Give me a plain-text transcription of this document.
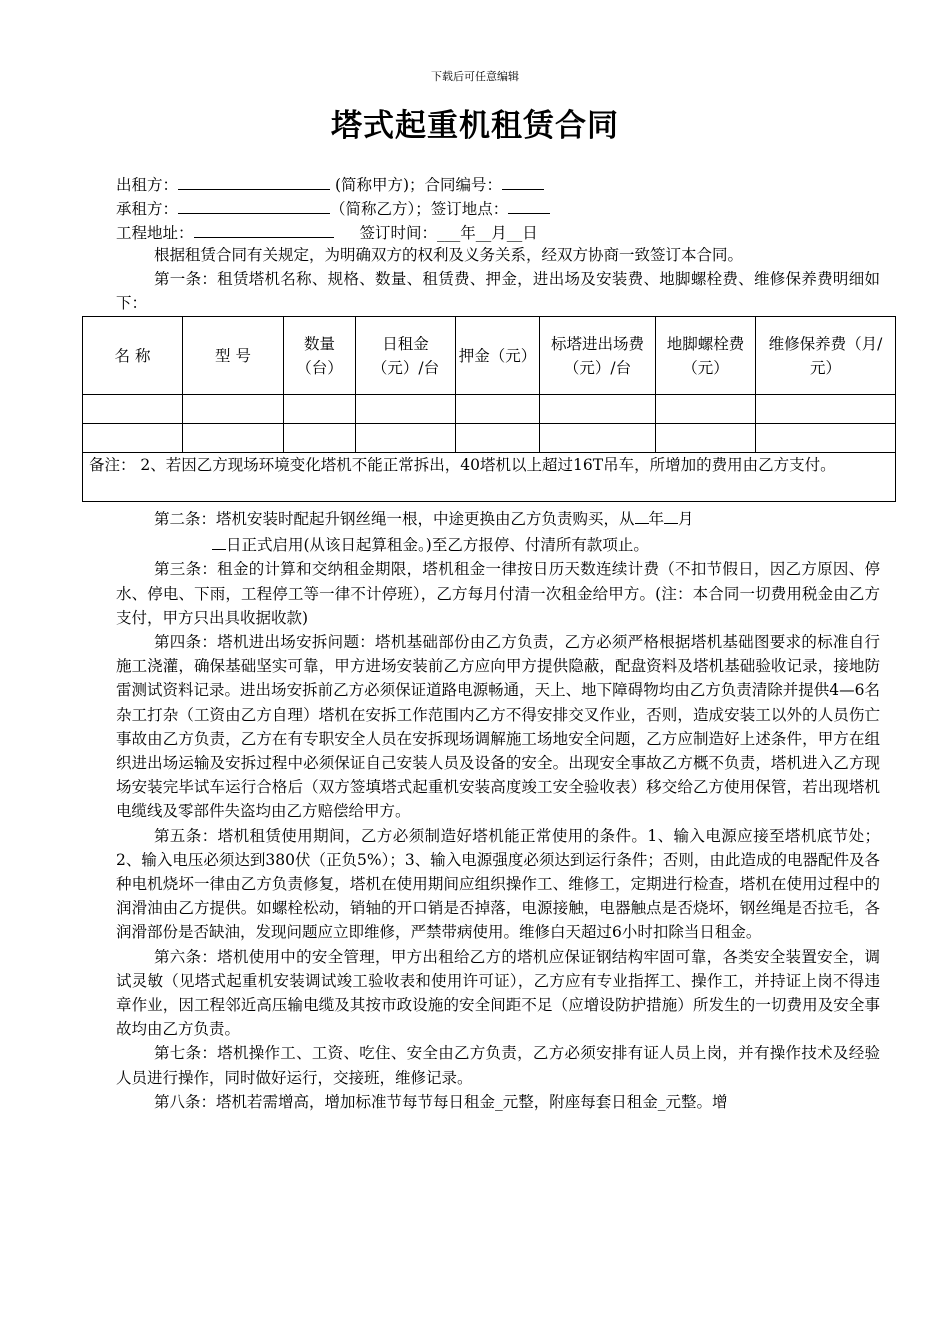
下载后可任意编辑
塔式起重机租赁合同
出租方：	(简称甲方)；合同编号：
承租方：	（简称乙方）；签订地点：
工程地址：	签订时间：___年__月__日
根据租赁合同有关规定，为明确双方的权利及义务关系，经双方协商一致签订本合同。
第一条：租赁塔机名称、规格、数量、租赁费、押金，进出场及安装费、地脚螺栓费、维修保养费明细如下：
名 称	型 号	数量（台）	日租金（元）/台	押金（元）	标塔进出场费（元）/台	地脚螺栓费（元）	维修保养费（月/元）

备注： 2、若因乙方现场环境变化塔机不能正常拆出，40塔机以上超过16T吊车，所增加的费用由乙方支付。							
第二条：塔机安装时配起升钢丝绳一根，中途更换由乙方负责购买，从 年 月
日正式启用(从该日起算租金。)至乙方报停、付清所有款项止。
第三条：租金的计算和交纳租金期限，塔机租金一律按日历天数连续计费（不扣节假日，因乙方原因、停水、停电、下雨，工程停工等一律不计停班），乙方每月付清一次租金给甲方。(注：本合同一切费用税金由乙方支付，甲方只出具收据收款)
第四条：塔机进出场安拆问题：塔机基础部份由乙方负责，乙方必须严格根据塔机基础图要求的标准自行施工浇灌，确保基础坚实可靠，甲方进场安装前乙方应向甲方提供隐蔽，配盘资料及塔机基础验收记录，接地防雷测试资料记录。进出场安拆前乙方必须保证道路电源畅通，天上、地下障碍物均由乙方负责清除并提供4—6名杂工打杂（工资由乙方自理）塔机在安拆工作范围内乙方不得安排交叉作业，否则，造成安装工以外的人员伤亡事故由乙方负责，乙方在有专职安全人员在安拆现场调解施工场地安全问题，乙方应制造好上述条件，甲方在组织进出场运输及安拆过程中必须保证自己安装人员及设备的安全。出现安全事故乙方概不负责，塔机进入乙方现场安装完毕试车运行合格后（双方签填塔式起重机安装高度竣工安全验收表）移交给乙方使用保管，若出现塔机电缆线及零部件失盗均由乙方赔偿给甲方。
第五条：塔机租赁使用期间，乙方必须制造好塔机能正常使用的条件。1、输入电源应接至塔机底节处；2、输入电压必须达到380伏（正负5%）；3、输入电源强度必须达到运行条件；否则，由此造成的电器配件及各种电机烧坏一律由乙方负责修复，塔机在使用期间应组织操作工、维修工，定期进行检查，塔机在使用过程中的润滑油由乙方提供。如螺栓松动，销轴的开口销是否掉落，电源接触，电器触点是否烧坏，钢丝绳是否拉毛，各润滑部份是否缺油，发现问题应立即维修，严禁带病使用。维修白天超过6小时扣除当日租金。
第六条：塔机使用中的安全管理，甲方出租给乙方的塔机应保证钢结构牢固可靠，各类安全装置安全，调试灵敏（见塔式起重机安装调试竣工验收表和使用许可证），乙方应有专业指挥工、操作工，并持证上岗不得违章作业，因工程邻近高压输电缆及其按市政设施的安全间距不足（应增设防护措施）所发生的一切费用及安全事故均由乙方负责。
第七条：塔机操作工、工资、吃住、安全由乙方负责，乙方必须安排有证人员上岗，并有操作技术及经验人员进行操作，同时做好运行，交接班，维修记录。
第八条：塔机若需增高，增加标准节每节每日租金_元整，附座每套日租金_元整。增
